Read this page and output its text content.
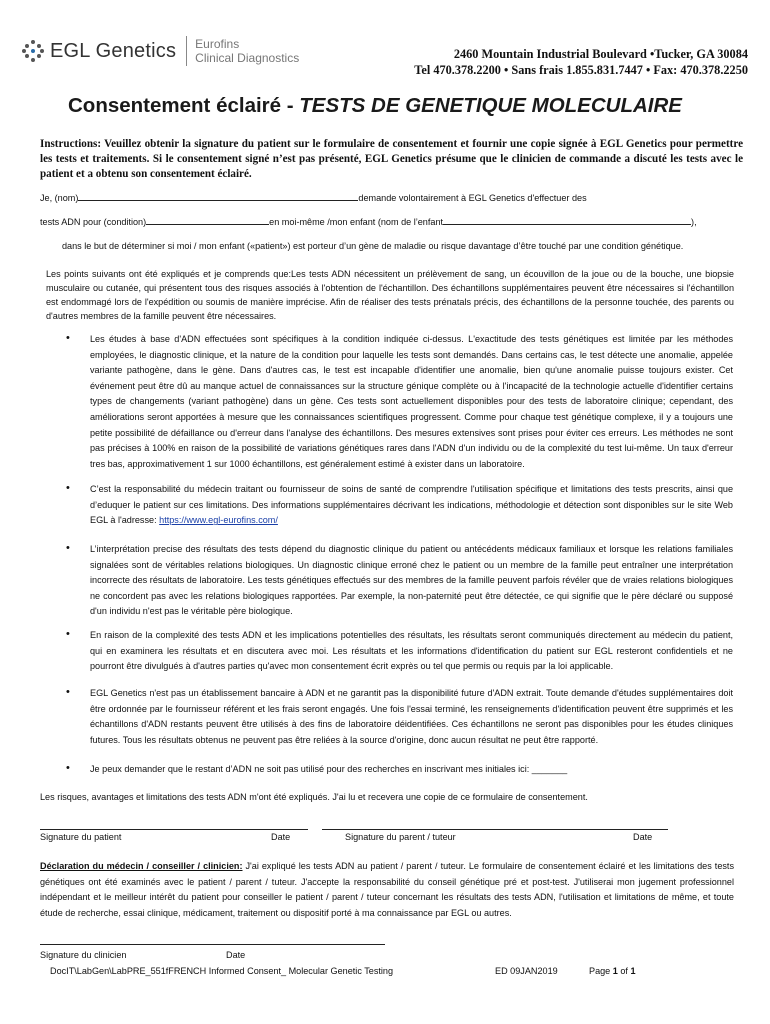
EGL Genetics Eurofins
Clinical Diagnostics	2460 Mountain Industrial Boulevard •Tucker, GA 30084
Tel 470.378.2200 • Sans frais 1.855.831.7447 • Fax: 470.378.2250
Consentement éclairé - TESTS DE GENETIQUE MOLECULAIRE
Instructions: Veuillez obtenir la signature du patient sur le formulaire de consentement et fournir une copie signée à EGL Genetics pour permettre les tests et traitements. Si le consentement signé n’est pas présenté, EGL Genetics présume que le clinicien de commande a discuté les tests avec le patient et a obtenu son consentement éclairé.
Je, (nom)	demande volontairement à EGL Genetics d'effectuer des
tests ADN pour (condition)	en moi-même /mon enfant (nom de l’enfant	),
dans le but de déterminer si moi / mon enfant («patient») est porteur d’un gène de maladie ou risque davantage d’être touché par une condition génétique.
Les points suivants ont été expliqués et je comprends que:Les tests ADN nécessitent un prélèvement de sang, un écouvillon de la joue ou de la bouche, une biopsie musculaire ou cutanée, qui présentent tous des risques associés à l'obtention de l'échantillon. Des échantillons supplémentaires peuvent être nécessaires si l'échantillon est endommagé lors de l'expédition ou soumis de manière imprécise. Afin de réaliser des tests prénatals précis, des échantillons de la personne touchée, des parents ou d'autres membres de la famille peuvent être nécessaires.
• Les études à base d'ADN effectuées sont spécifiques à la condition indiquée ci-dessus. L'exactitude des tests génétiques est limitée par les méthodes employées, le diagnostic clinique, et la nature de la condition pour laquelle les tests sont demandés. Dans certains cas, le test détecte une anomalie, appelée variante pathogène, dans le gène. Dans d'autres cas, le test est incapable d'identifier une anomalie, bien qu'une anomalie puisse toujours exister. Cet événement peut être dû au manque actuel de connaissances sur la structure génique complète ou à l'incapacité de la technologie actuelle d'identifier certains types de changements (variant pathogène) dans un gène. Ces tests sont actuellement disponibles pour des tests de laboratoire clinique; cependant, des améliorations seront apportées à mesure que les connaissances scientifiques progressent. Comme pour chaque test génétique complexe, il y a toujours une petite possibilité de défaillance ou d'erreur dans l'analyse des échantillons. Des mesures extensives sont prises pour éviter ces erreurs. Les méthodes ne sont pas précises à 100% en raison de la possibilité de variations génétiques rares dans l'ADN d'un individu ou de la complexité du test lui-même. Un taux d'erreur tres bas, approximativement 1 sur 1000 échantillons, est généralement estimé à exister dans un laboratoire.
• C’est la responsabilité du médecin traitant ou fournisseur de soins de santé de comprendre l'utilisation spécifique et limitations des tests prescrits, ainsi que d’eduquer le patient sur ces limitations. Des informations supplémentaires décrivant les indications, méthodologie et détection sont disponibles sur le site Web EGL à l'adresse: https://www.egl-eurofins.com/
• L’interprétation precise des résultats des tests dépend du diagnostic clinique du patient ou antécédents médicaux familiaux et lorsque les relations familiales signalées sont de véritables relations biologiques. Un diagnostic clinique erroné chez le patient ou un membre de la famille peut entraîner une interprétation incorrecte des résultats de laboratoire. Les tests génétiques effectués sur des membres de la famille peuvent parfois révéler que de vraies relations biologiques ne concordent pas avec les relations biologiques rapportées. Par exemple, la non-paternité peut être détectée, ce qui signifie que le père déclaré ou supposé d'un individu n'est pas le véritable père biologique.
• En raison de la complexité des tests ADN et les implications potentielles des résultats, les résultats seront communiqués directement au médecin du patient, qui en examinera les résultats et en discutera avec moi. Les résultats et les informations d'identification du patient sur EGL resteront confidentiels et ne pourront être divulgués à d'autres parties qu'avec mon consentement écrit exprès ou tel que permis ou requis par la loi applicable.
• EGL Genetics n'est pas un établissement bancaire à ADN et ne garantit pas la disponibilité future d'ADN extrait. Toute demande d'études supplémentaires doit être ordonnée par le fournisseur référent et les frais seront engagés. Une fois l'essai terminé, les renseignements d'identification peuvent être supprimés et les échantillons d'ADN restants peuvent être utilisés à des fins de laboratoire déidentifiées. Ces échantillons ne seront pas disponibles pour les études cliniques futures. Tous les résultats obtenus ne peuvent pas être reliées à la source d'origine, donc aucun résultat ne peut être rapporté.
• Je peux demander que le restant d’ADN ne soit pas utilisé pour des recherches en inscrivant mes initiales ici: _______
Les risques, avantages et limitations des tests ADN m'ont été expliqués. J'ai lu et recevera une copie de ce formulaire de consentement.
Signature du patient	Date	Signature du parent / tuteur	Date
Déclaration du médecin / conseiller / clinicien: J'ai expliqué les tests ADN au patient / parent / tuteur. Le formulaire de consentement éclairé et les limitations des tests génétiques ont été examinés avec le patient / parent / tuteur. J'accepte la responsabilité du conseil génétique pré et post-test. J'utiliserai mon jugement professionnel indépendant et le meilleur intérêt du patient pour conseiller le patient / parent / tuteur concernant les résultats des tests ADN, l'utilisation et limitations de même, et toute étude de recherche, essai clinique, médicament, traitement ou dispositif porté à ma connaissance par EGL ou autres.
Signature du clinicien	Date
DocIT\LabGen\LabPRE_551fFRENCH Informed Consent_ Molecular Genetic Testing	ED 09JAN2019	Page 1 of 1
